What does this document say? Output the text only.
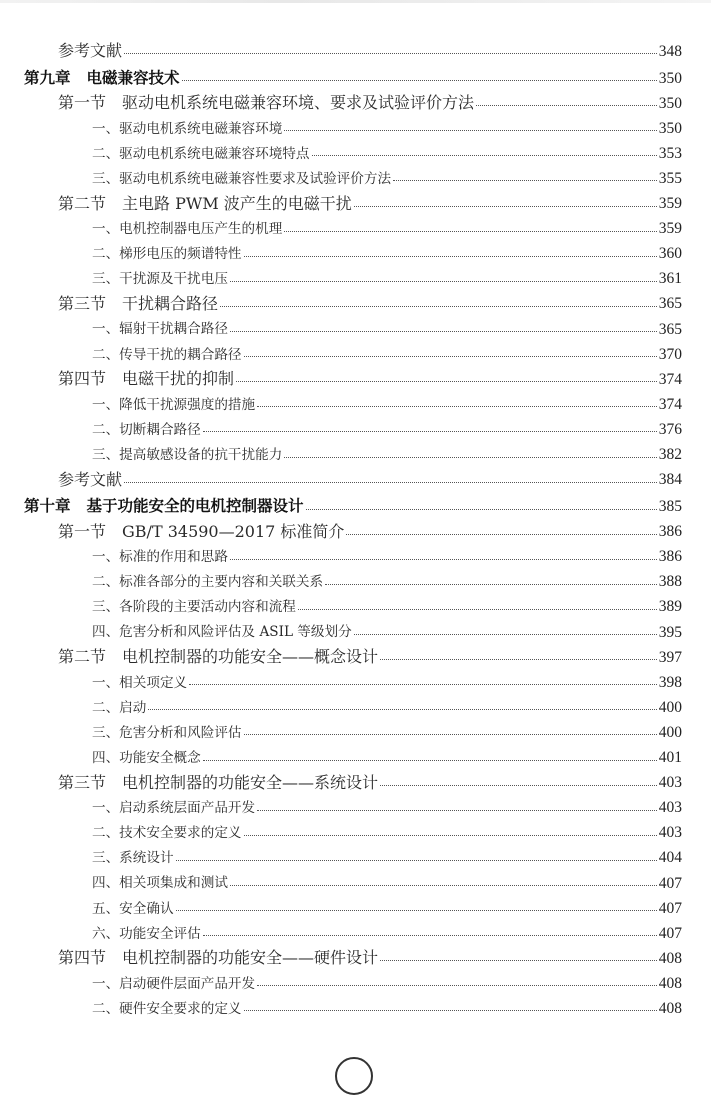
参考文献	348
第九章 电磁兼容技术	350
第一节 驱动电机系统电磁兼容环境、要求及试验评价方法	350
一、驱动电机系统电磁兼容环境	350
二、驱动电机系统电磁兼容环境特点	353
三、驱动电机系统电磁兼容性要求及试验评价方法	355
第二节 主电路 PWM 波产生的电磁干扰	359
一、电机控制器电压产生的机理	359
二、梯形电压的频谱特性	360
三、干扰源及干扰电压	361
第三节 干扰耦合路径	365
一、辐射干扰耦合路径	365
二、传导干扰的耦合路径	370
第四节 电磁干扰的抑制	374
一、降低干扰源强度的措施	374
二、切断耦合路径	376
三、提高敏感设备的抗干扰能力	382
参考文献	384
第十章 基于功能安全的电机控制器设计	385
第一节 GB/T 34590—2017 标准简介	386
一、标准的作用和思路	386
二、标准各部分的主要内容和关联关系	388
三、各阶段的主要活动内容和流程	389
四、危害分析和风险评估及 ASIL 等级划分	395
第二节 电机控制器的功能安全——概念设计	397
一、相关项定义	398
二、启动	400
三、危害分析和风险评估	400
四、功能安全概念	401
第三节 电机控制器的功能安全——系统设计	403
一、启动系统层面产品开发	403
二、技术安全要求的定义	403
三、系统设计	404
四、相关项集成和测试	407
五、安全确认	407
六、功能安全评估	407
第四节 电机控制器的功能安全——硬件设计	408
一、启动硬件层面产品开发	408
二、硬件安全要求的定义	408
